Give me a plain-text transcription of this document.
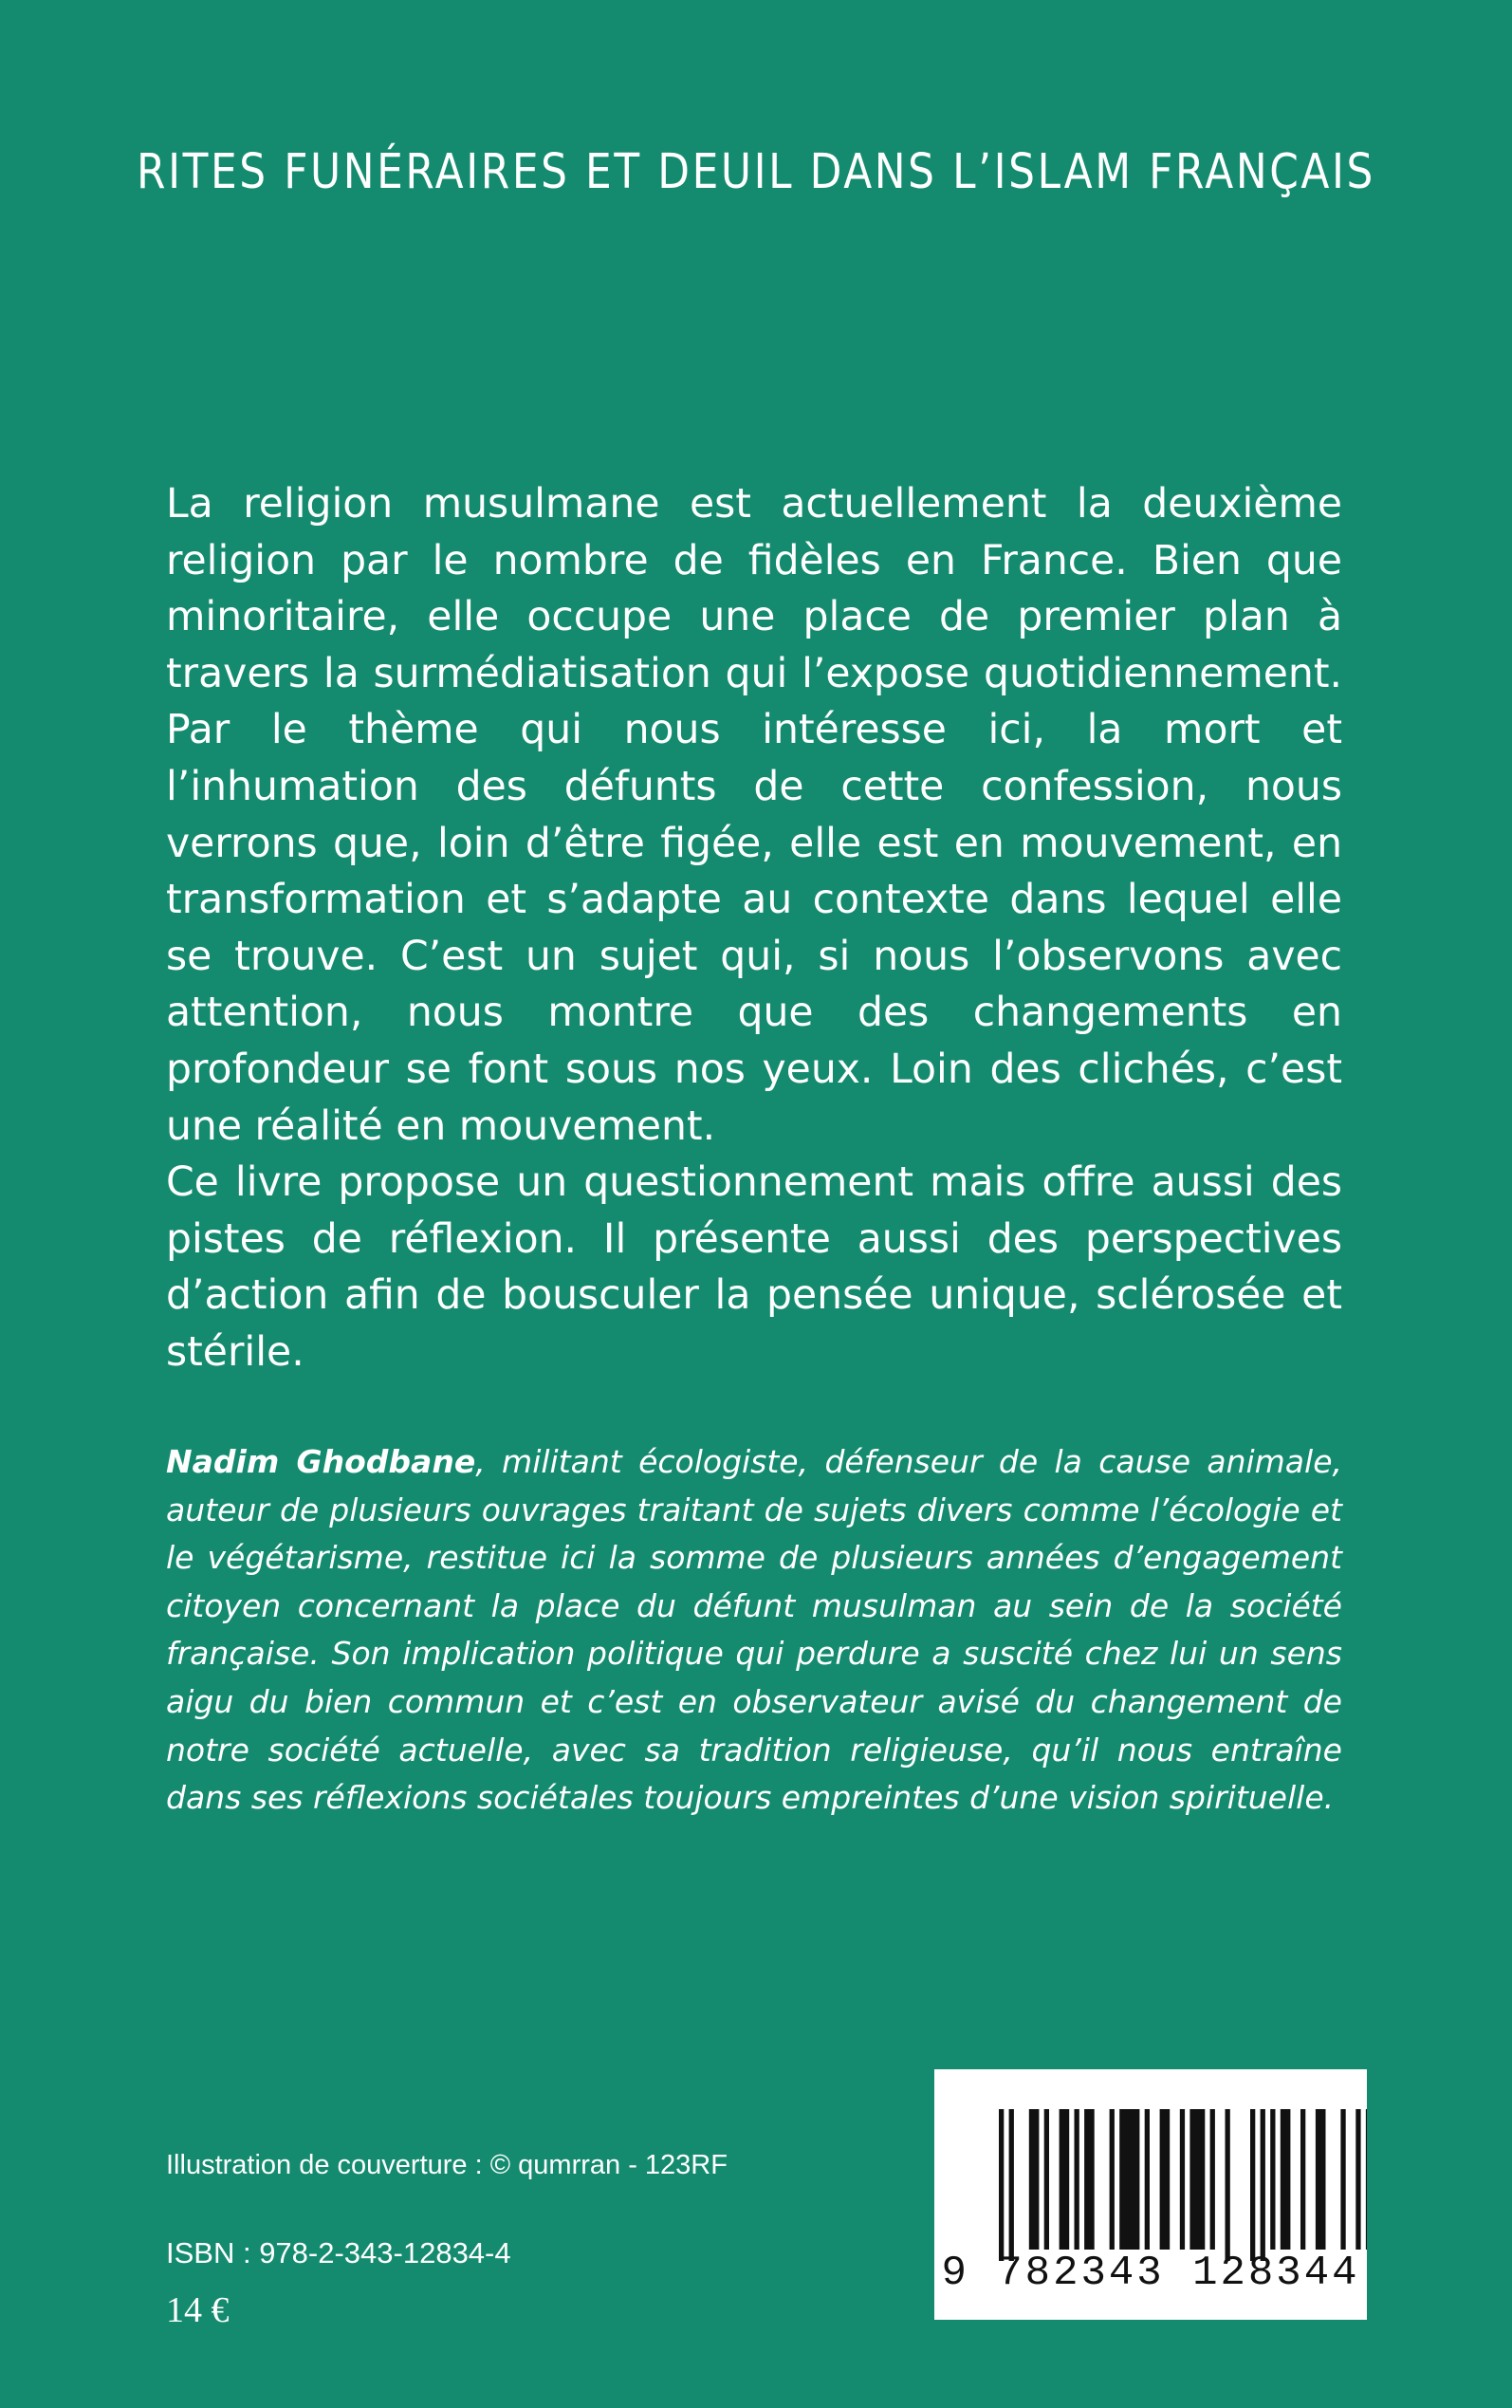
RITES FUNÉRAIRES ET DEUIL DANS L’ISLAM FRANÇAIS

La religion musulmane est actuellement la deuxième religion par le nombre de fidèles en France. Bien que minoritaire, elle occupe une place de premier plan à travers la surmédiatisation qui l’expose quotidiennement. Par le thème qui nous intéresse ici, la mort et l’inhumation des défunts de cette confession, nous verrons que, loin d’être figée, elle est en mouvement, en transformation et s’adapte au contexte dans lequel elle se trouve. C’est un sujet qui, si nous l’observons avec attention, nous montre que des changements en profondeur se font sous nos yeux. Loin des clichés, c’est une réalité en mouvement.

Ce livre propose un questionnement mais offre aussi des pistes de réflexion. Il présente aussi des perspectives d’action afin de bousculer la pensée unique, sclérosée et stérile.

Nadim Ghodbane, militant écologiste, défenseur de la cause animale, auteur de plusieurs ouvrages traitant de sujets divers comme l’écologie et le végétarisme, restitue ici la somme de plusieurs années d’engagement citoyen concernant la place du défunt musulman au sein de la société française. Son implication politique qui perdure a suscité chez lui un sens aigu du bien commun et c’est en observateur avisé du changement de notre société actuelle, avec sa tradition religieuse, qu’il nous entraîne dans ses réflexions sociétales toujours empreintes d’une vision spirituelle.
Illustration de couverture : © qumrran - 123RF
ISBN : 978-2-343-12834-4
14 €
9 782343 128344
